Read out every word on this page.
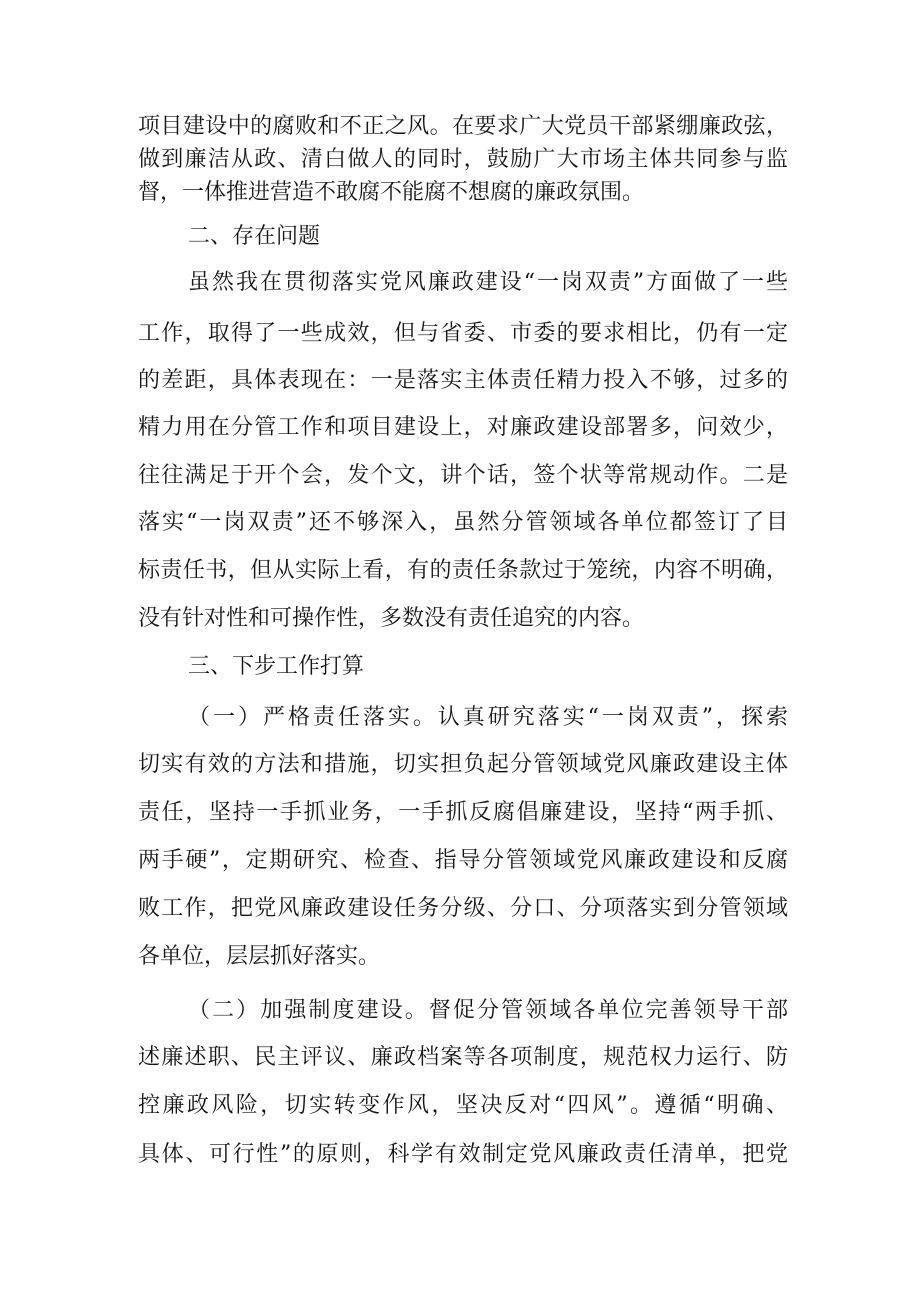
项目建设中的腐败和不正之风。在要求广大党员干部紧绷廉政弦，
做到廉洁从政、清白做人的同时，鼓励广大市场主体共同参与监
督，一体推进营造不敢腐不能腐不想腐的廉政氛围。
二、存在问题
虽然我在贯彻落实党风廉政建设“一岗双责”方面做了一些
工作，取得了一些成效，但与省委、市委的要求相比，仍有一定
的差距，具体表现在：一是落实主体责任精力投入不够，过多的
精力用在分管工作和项目建设上，对廉政建设部署多，问效少，
往往满足于开个会，发个文，讲个话，签个状等常规动作。二是
落实“一岗双责”还不够深入，虽然分管领域各单位都签订了目
标责任书，但从实际上看，有的责任条款过于笼统，内容不明确，
没有针对性和可操作性，多数没有责任追究的内容。
三、下步工作打算
（一）严格责任落实。认真研究落实“一岗双责”，探索
切实有效的方法和措施，切实担负起分管领域党风廉政建设主体
责任，坚持一手抓业务，一手抓反腐倡廉建设，坚持“两手抓、
两手硬”，定期研究、检查、指导分管领域党风廉政建设和反腐
败工作，把党风廉政建设任务分级、分口、分项落实到分管领域
各单位，层层抓好落实。
（二）加强制度建设。督促分管领域各单位完善领导干部
述廉述职、民主评议、廉政档案等各项制度，规范权力运行、防
控廉政风险，切实转变作风，坚决反对“四风”。遵循“明确、
具体、可行性”的原则，科学有效制定党风廉政责任清单，把党
